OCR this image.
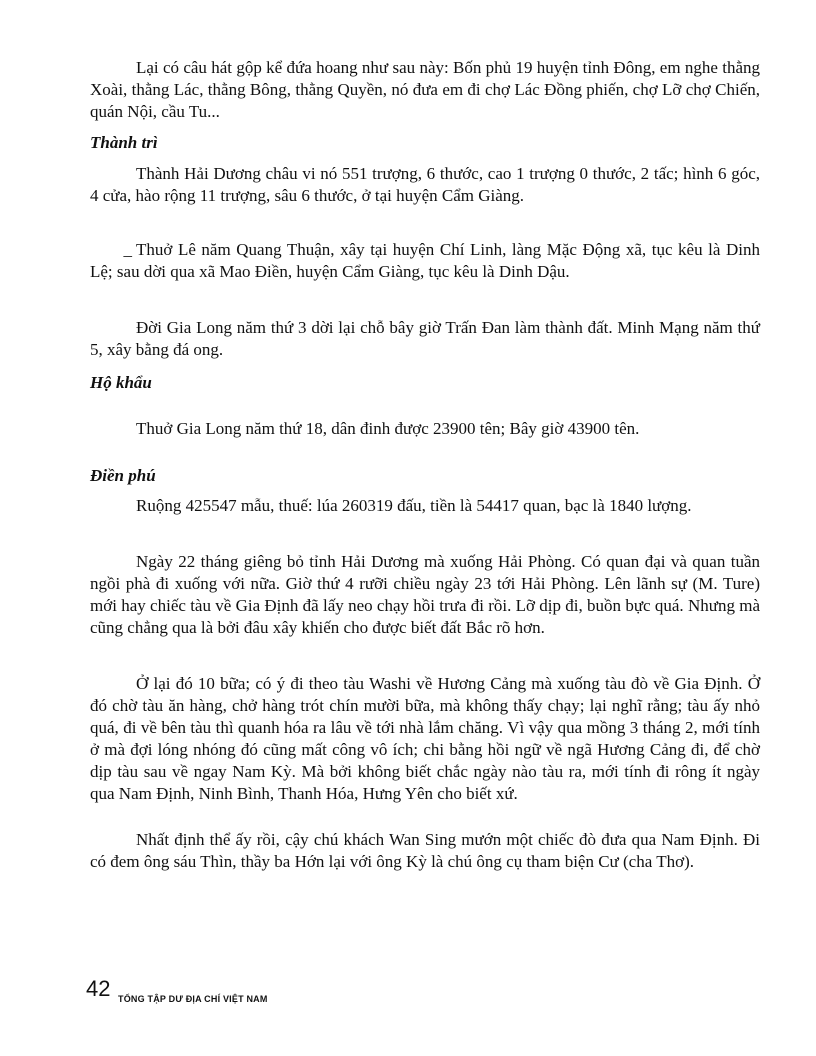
Lại có câu hát gộp kể đứa hoang như sau này: Bốn phủ 19 huyện tỉnh Đông, em nghe thằng Xoài, thằng Lác, thằng Bông, thằng Quyền, nó đưa em đi chợ Lác Đồng phiến, chợ Lỡ chợ Chiến, quán Nội, cầu Tu...

Thành trì

Thành Hải Dương châu vi nó 551 trượng, 6 thước, cao 1 trượng 0 thước, 2 tấc; hình 6 góc, 4 cửa, hào rộng 11 trượng, sâu 6 thước, ở tại huyện Cẩm Giàng.

_ Thuở Lê năm Quang Thuận, xây tại huyện Chí Linh, làng Mặc Động xã, tục kêu là Dinh Lệ; sau dời qua xã Mao Điền, huyện Cẩm Giàng, tục kêu là Dinh Dậu.

Đời Gia Long năm thứ 3 dời lại chỗ bây giờ Trấn Đan làm thành đất. Minh Mạng năm thứ 5, xây bằng đá ong.

Hộ khẩu

Thuở Gia Long năm thứ 18, dân đinh được 23900 tên; Bây giờ 43900 tên.

Điền phú

Ruộng 425547 mẫu, thuế: lúa 260319 đấu, tiền là 54417 quan, bạc là 1840 lượng.

Ngày 22 tháng giêng bỏ tỉnh Hải Dương mà xuống Hải Phòng. Có quan đại và quan tuần ngồi phà đi xuống với nữa. Giờ thứ 4 rưỡi chiều ngày 23 tới Hải Phòng. Lên lãnh sự (M. Ture) mới hay chiếc tàu về Gia Định đã lấy neo chạy hồi trưa đi rồi. Lỡ dịp đi, buồn bực quá. Nhưng mà cũng chẳng qua là bởi đâu xây khiến cho được biết đất Bắc rõ hơn.

Ở lại đó 10 bữa; có ý đi theo tàu Washi về Hương Cảng mà xuống tàu đò về Gia Định. Ở đó chờ tàu ăn hàng, chở hàng trót chín mười bữa, mà không thấy chạy; lại nghĩ rằng; tàu ấy nhỏ quá, đi về bên tàu thì quanh hóa ra lâu về tới nhà lắm chăng. Vì vậy qua mồng 3 tháng 2, mới tính ở mà đợi lóng nhóng đó cũng mất công vô ích; chi bằng hồi ngữ về ngã Hương Cảng đi, để chờ dịp tàu sau về ngay Nam Kỳ. Mà bởi không biết chắc ngày nào tàu ra, mới tính đi rông ít ngày qua Nam Định, Ninh Bình, Thanh Hóa, Hưng Yên cho biết xứ.

Nhất định thể ấy rồi, cậy chú khách Wan Sing mướn một chiếc đò đưa qua Nam Định. Đi có đem ông sáu Thìn, thầy ba Hớn lại với ông Kỳ là chú ông cụ tham biện Cư (cha Thơ).

42 TỔNG TẬP DƯ ĐỊA CHÍ VIỆT NAM
